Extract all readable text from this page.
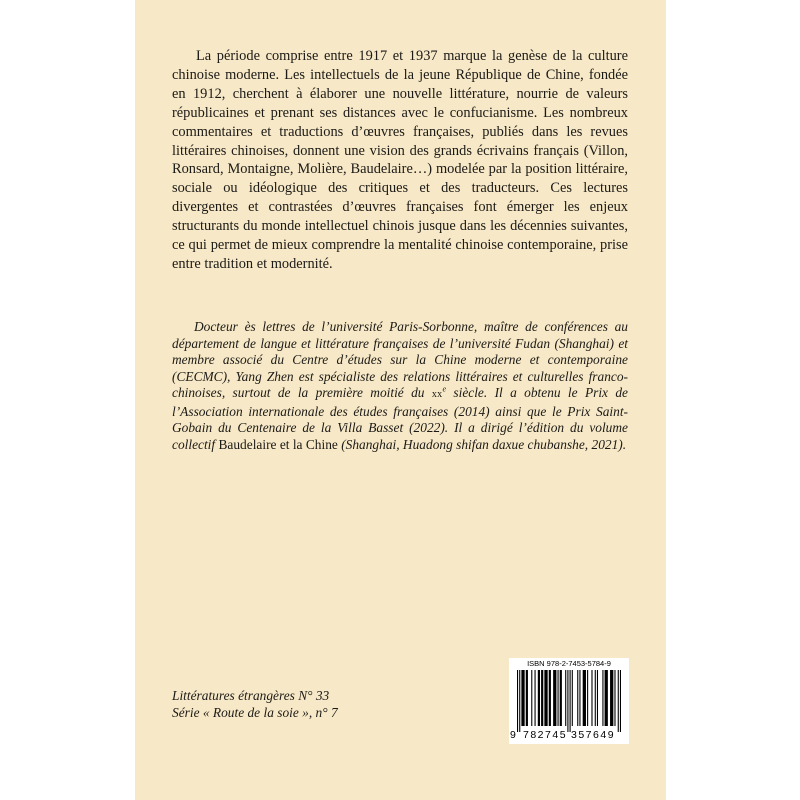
La période comprise entre 1917 et 1937 marque la genèse de la culture chinoise moderne. Les intellectuels de la jeune République de Chine, fondée en 1912, cherchent à élaborer une nouvelle littérature, nourrie de valeurs républicaines et prenant ses distances avec le confucianisme. Les nombreux commentaires et traductions d’œuvres françaises, publiés dans les revues littéraires chinoises, donnent une vision des grands écrivains français (Villon, Ronsard, Montaigne, Molière, Baudelaire…) modelée par la position littéraire, sociale ou idéologique des critiques et des traducteurs. Ces lectures divergentes et contrastées d’œuvres françaises font émerger les enjeux structurants du monde intellectuel chinois jusque dans les décennies suivantes, ce qui permet de mieux comprendre la mentalité chinoise contemporaine, prise entre tradition et modernité.

Docteur ès lettres de l’université Paris-Sorbonne, maître de conférences au département de langue et littérature françaises de l’université Fudan (Shanghai) et membre associé du Centre d’études sur la Chine moderne et contemporaine (CECMC), Yang Zhen est spécialiste des relations littéraires et culturelles franco-chinoises, surtout de la première moitié du $xx^e$ siècle. Il a obtenu le Prix de l’Association internationale des études françaises (2014) ainsi que le Prix Saint-Gobain du Centenaire de la Villa Basset (2022). Il a dirigé l’édition du volume collectif Baudelaire et la Chine (Shanghai, Huadong shifan daxue chubanshe, 2021).

Littératures étrangères N° 33
Série « Route de la soie », n° 7
ISBN 978-2-7453-5784-9
9 782745 357649
